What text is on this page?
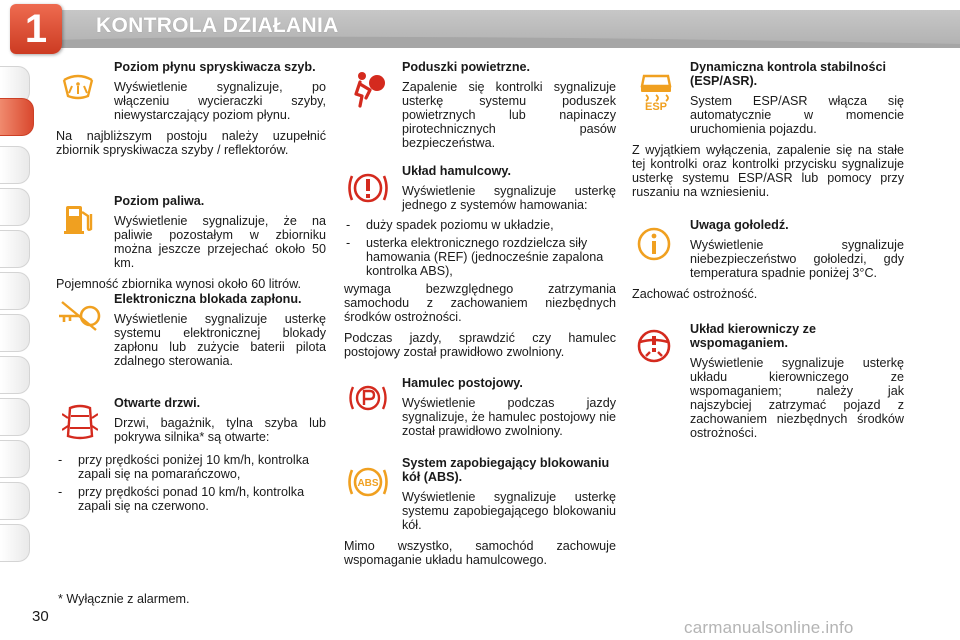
1	KONTROLA DZIAŁANIA
Poziom płynu spryskiwacza szyb.

Wyświetlenie sygnalizuje, po włączeniu wycieraczki szyby, niewystarczający poziom płynu.

Na najbliższym postoju należy uzupełnić zbiornik spryskiwacza szyby / reflektorów.

Poziom paliwa.

Wyświetlenie sygnalizuje, że na paliwie pozostałym w zbiorniku można jeszcze przejechać około 50 km.

Pojemność zbiornika wynosi około 60 litrów.

Elektroniczna blokada zapłonu.

Wyświetlenie sygnalizuje usterkę systemu elektronicznej blokady zapłonu lub zużycie baterii pilota zdalnego sterowania.

Otwarte drzwi.

Drzwi, bagażnik, tylna szyba lub pokrywa silnika* są otwarte:

- przy prędkości poniżej 10 km/h, kontrolka zapali się na pomarańczowo,
- przy prędkości ponad 10 km/h, kontrolka zapali się na czerwono.
Poduszki powietrzne.

Zapalenie się kontrolki sygnalizuje usterkę systemu poduszek powietrznych lub napinaczy pirotechnicznych pasów bezpieczeństwa.

Układ hamulcowy.

Wyświetlenie sygnalizuje usterkę jednego z systemów hamowania:

- duży spadek poziomu w układzie,
- usterka elektronicznego rozdzielcza siły hamowania (REF) (jednocześnie zapalona kontrolka ABS),

wymaga bezwzględnego zatrzymania samochodu z zachowaniem niezbędnych środków ostrożności.

Podczas jazdy, sprawdzić czy hamulec postojowy został prawidłowo zwolniony.

Hamulec postojowy.

Wyświetlenie podczas jazdy sygnalizuje, że hamulec postojowy nie został prawidłowo zwolniony.

ABS
System zapobiegający blokowaniu kół (ABS).

Wyświetlenie sygnalizuje usterkę systemu zapobiegającego blokowaniu kół.

Mimo wszystko, samochód zachowuje wspomaganie układu hamulcowego.

ESP
Dynamiczna kontrola stabilności (ESP/ASR).

System ESP/ASR włącza się automatycznie w momencie uruchomienia pojazdu.

Z wyjątkiem wyłączenia, zapalenie się na stałe tej kontrolki oraz kontrolki przycisku sygnalizuje usterkę systemu ESP/ASR lub pomocy przy ruszaniu na wzniesieniu.

Uwaga gołoledź.

Wyświetlenie sygnalizuje niebezpieczeństwo gołoledzi, gdy temperatura spadnie poniżej 3°C.

Zachować ostrożność.

Układ kierowniczy ze wspomaganiem.

Wyświetlenie sygnalizuje usterkę układu kierowniczego ze wspomaganiem; należy jak najszybciej zatrzymać pojazd z zachowaniem niezbędnych środków ostrożności.

* Wyłącznie z alarmem.
30
carmanualsonline.info
